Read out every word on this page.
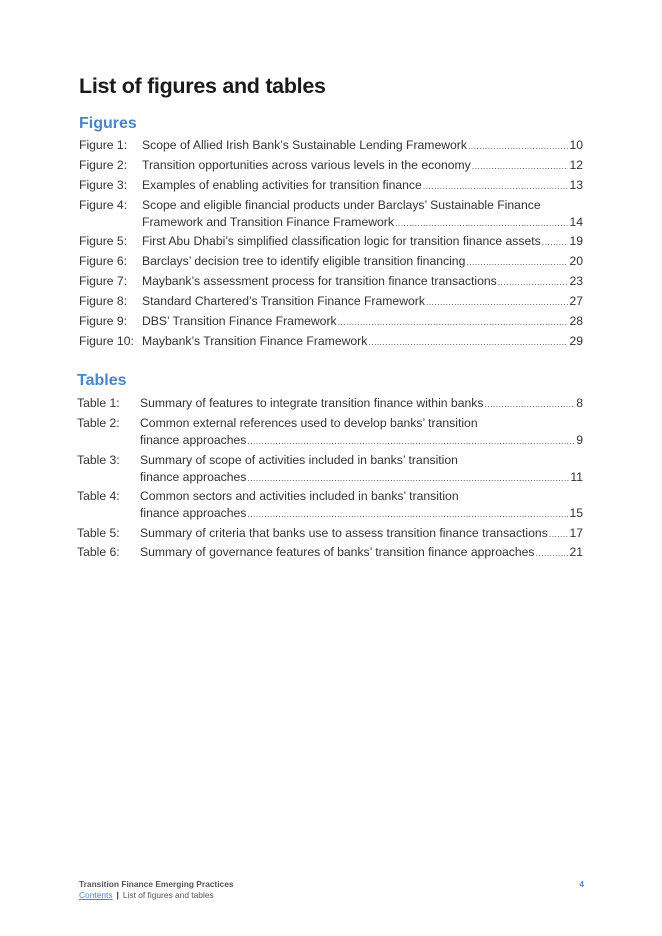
List of figures and tables
Figures
Figure 1: Scope of Allied Irish Bank’s Sustainable Lending Framework .....	10
Figure 2: Transition opportunities across various levels in the economy .....	12
Figure 3: Examples of enabling activities for transition finance .....	13
Figure 4: Scope and eligible financial products under Barclays’ Sustainable Finance
Framework and Transition Finance Framework .....	14
Figure 5: First Abu Dhabi’s simplified classification logic for transition finance assets ..... 19
Figure 6: Barclays’ decision tree to identify eligible transition financing .....	20
Figure 7: Maybank’s assessment process for transition finance transactions .....	23
Figure 8: Standard Chartered’s Transition Finance Framework .....	27
Figure 9: DBS’ Transition Finance Framework .....	28
Figure 10: Maybank’s Transition Finance Framework .....	29
Tables
Table 1: Summary of features to integrate transition finance within banks .....	8
Table 2: Common external references used to develop banks’ transition
finance approaches .....	9
Table 3: Summary of scope of activities included in banks’ transition
finance approaches .....	11
Table 4: Common sectors and activities included in banks’ transition
finance approaches .....	15
Table 5: Summary of criteria that banks use to assess transition finance transactions ..... 17
Table 6: Summary of governance features of banks’ transition finance approaches .....	21
Transition Finance Emerging Practices
Contents | List of figures and tables
4
